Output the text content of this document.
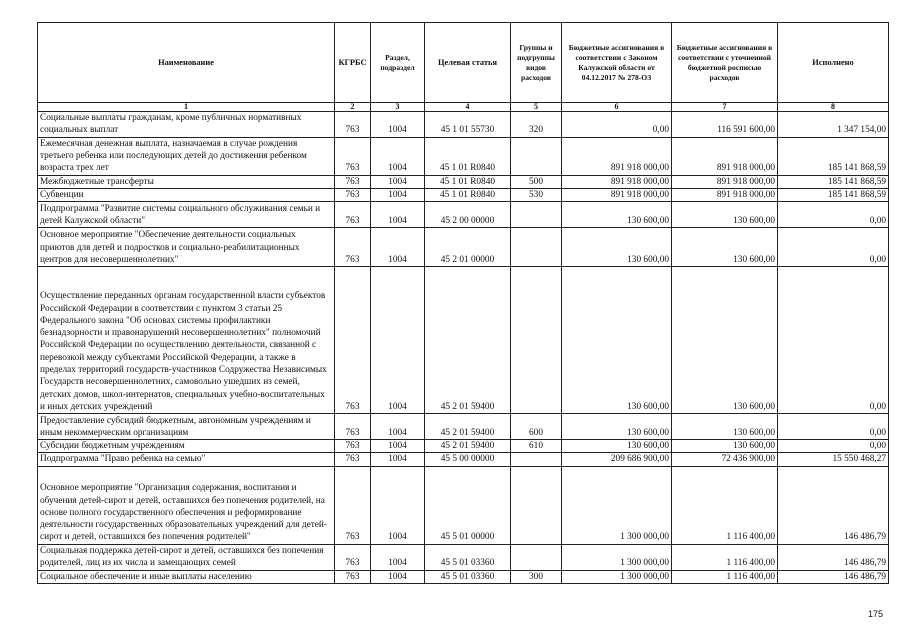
Наименование	КГРБС	Раздел, подраздел	Целевая статья	Группы и подгруппы видов расходов	Бюджетные ассигнования в соответствии с Законом Калужской области от 04.12.2017 № 278-ОЗ	Бюджетные ассигнования в соответствии с уточненной бюджетной росписью расходов	Исполнено
1	2	3	4	5	6	7	8
Социальные выплаты гражданам, кроме публичных нормативных социальных выплат	763	1004	45 1 01 55730	320	0,00	116 591 600,00	1 347 154,00
Ежемесячная денежная выплата, назначаемая в случае рождения третьего ребенка или последующих детей до достижения ребенком возраста трех лет	763	1004	45 1 01 R0840		891 918 000,00	891 918 000,00	185 141 868,59
Межбюджетные трансферты	763	1004	45 1 01 R0840	500	891 918 000,00	891 918 000,00	185 141 868,59
Субвенции	763	1004	45 1 01 R0840	530	891 918 000,00	891 918 000,00	185 141 868,59
Подпрограмма "Развитие системы социального обслуживания семьи и детей Калужской области"	763	1004	45 2 00 00000		130 600,00	130 600,00	0,00
Основное мероприятие "Обеспечение деятельности социальных приютов для детей и подростков и социально-реабилитационных центров для несовершеннолетних"	763	1004	45 2 01 00000		130 600,00	130 600,00	0,00
Осуществление переданных органам государственной власти субъектов Российской Федерации в соответствии с пунктом 3 статьи 25 Федерального закона "Об основах системы профилактики безнадзорности и правонарушений несовершеннолетних" полномочий Российской Федерации по осуществлению деятельности, связанной с перевозкой между субъектами Российской Федерации, а также в пределах территорий государств-участников Содружества Независимых Государств несовершеннолетних, самовольно ушедших из семей, детских домов, школ-интернатов, специальных учебно-воспитательных и иных детских учреждений	763	1004	45 2 01 59400		130 600,00	130 600,00	0,00
Предоставление субсидий бюджетным, автономным учреждениям и иным некоммерческим организациям	763	1004	45 2 01 59400	600	130 600,00	130 600,00	0,00
Субсидии бюджетным учреждениям	763	1004	45 2 01 59400	610	130 600,00	130 600,00	0,00
Подпрограмма "Право ребенка на семью"	763	1004	45 5 00 00000		209 686 900,00	72 436 900,00	15 550 468,27
Основное мероприятие "Организация содержания, воспитания и обучения детей-сирот и детей, оставшихся без попечения родителей, на основе полного государственного обеспечения и реформирование деятельности государственных образовательных учреждений для детей-сирот и детей, оставшихся без попечения родителей"	763	1004	45 5 01 00000		1 300 000,00	1 116 400,00	146 486,79
Социальная поддержка детей-сирот и детей, оставшихся без попечения родителей, лиц из их числа и замещающих семей	763	1004	45 5 01 03360		1 300 000,00	1 116 400,00	146 486,79
Социальное обеспечение и иные выплаты населению	763	1004	45 5 01 03360	300	1 300 000,00	1 116 400,00	146 486,79
175
